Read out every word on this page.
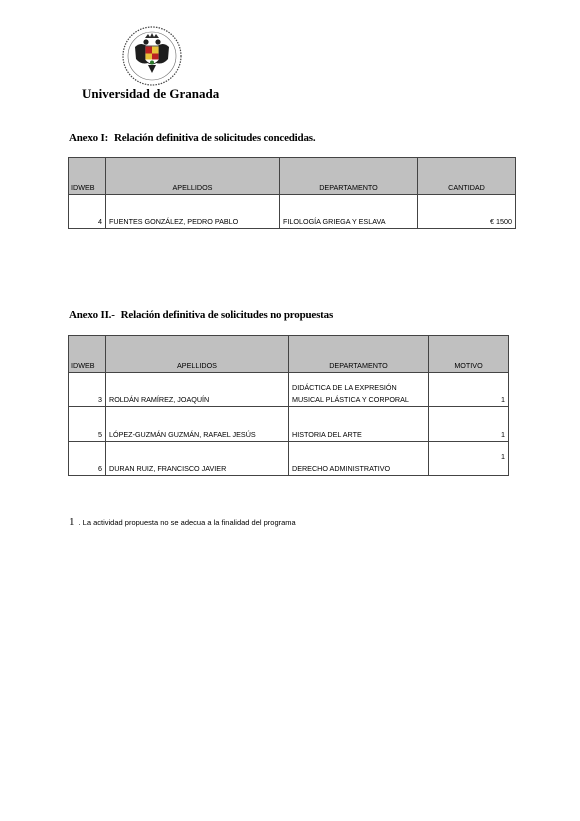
Universidad de Granada
Anexo I: Relación definitiva de solicitudes concedidas.
IDWEB	APELLIDOS	DEPARTAMENTO	CANTIDAD
4	FUENTES GONZÁLEZ, PEDRO PABLO	FILOLOGÍA GRIEGA Y ESLAVA	€ 1500
Anexo II.- Relación definitiva de solicitudes no propuestas
IDWEB	APELLIDOS	DEPARTAMENTO	MOTIVO
3	ROLDÁN RAMÍREZ, JOAQUÍN	DIDÁCTICA DE LA EXPRESIÓN
MUSICAL PLÁSTICA Y CORPORAL	1
5	LÓPEZ-GUZMÁN GUZMÁN, RAFAEL JESÚS	HISTORIA DEL ARTE	1
6	DURAN RUIZ, FRANCISCO JAVIER	DERECHO ADMINISTRATIVO	1
1 . La actividad propuesta no se adecua a la finalidad del programa
